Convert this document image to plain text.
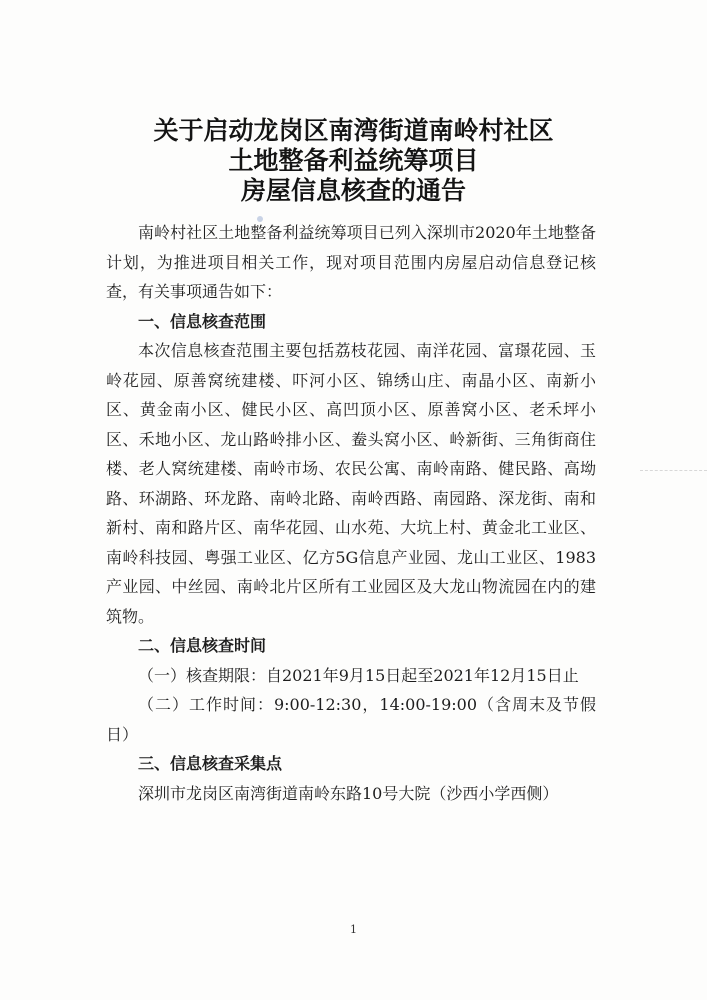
关于启动龙岗区南湾街道南岭村社区
土地整备利益统筹项目
房屋信息核查的通告

南岭村社区土地整备利益统筹项目已列入深圳市2020年土地整备计划，为推进项目相关工作，现对项目范围内房屋启动信息登记核查，有关事项通告如下：

一、信息核查范围

本次信息核查范围主要包括荔枝花园、南洋花园、富璟花园、玉岭花园、原善窝统建楼、吓河小区、锦绣山庄、南晶小区、南新小区、黄金南小区、健民小区、高凹顶小区、原善窝小区、老禾坪小区、禾地小区、龙山路岭排小区、鲞头窝小区、岭新街、三角街商住楼、老人窝统建楼、南岭市场、农民公寓、南岭南路、健民路、高坳路、环湖路、环龙路、南岭北路、南岭西路、南园路、深龙街、南和新村、南和路片区、南华花园、山水苑、大坑上村、黄金北工业区、南岭科技园、粤强工业区、亿方5G信息产业园、龙山工业区、1983产业园、中丝园、南岭北片区所有工业园区及大龙山物流园在内的建筑物。

二、信息核查时间

（一）核查期限：自2021年9月15日起至2021年12月15日止

（二）工作时间：9:00-12:30，14:00-19:00（含周末及节假日）

三、信息核查采集点

深圳市龙岗区南湾街道南岭东路10号大院（沙西小学西侧）

1
